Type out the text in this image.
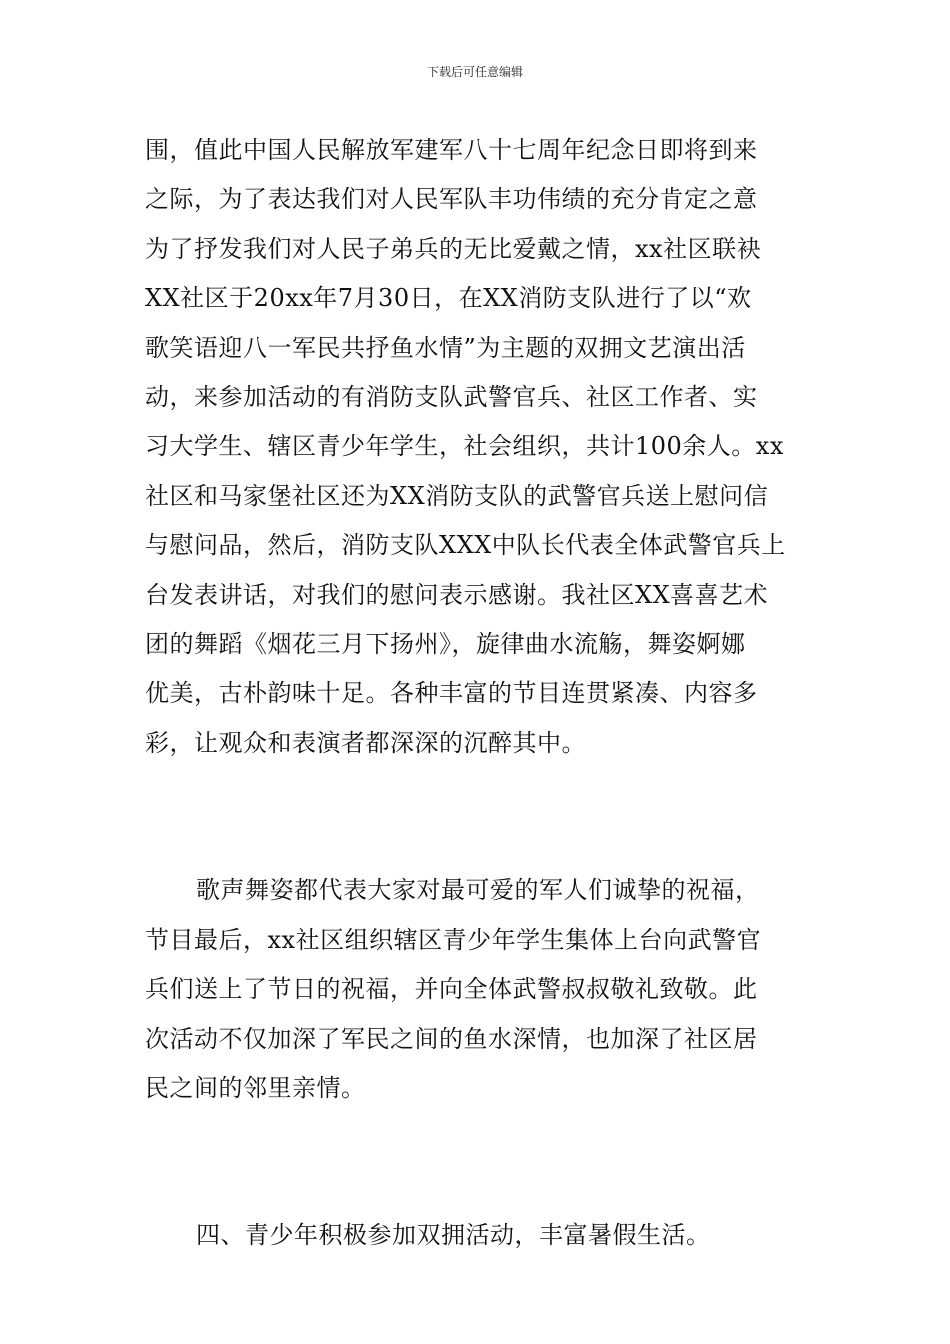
下载后可任意编辑

围，值此中国人民解放军建军八十七周年纪念日即将到来
之际，为了表达我们对人民军队丰功伟绩的充分肯定之意
为了抒发我们对人民子弟兵的无比爱戴之情，xx社区联袂
XX社区于20xx年7月30日，在XX消防支队进行了以“欢
歌笑语迎八一军民共抒鱼水情”为主题的双拥文艺演出活
动，来参加活动的有消防支队武警官兵、社区工作者、实
习大学生、辖区青少年学生，社会组织，共计100余人。xx
社区和马家堡社区还为XX消防支队的武警官兵送上慰问信
与慰问品，然后，消防支队XXX中队长代表全体武警官兵上
台发表讲话，对我们的慰问表示感谢。我社区XX喜喜艺术
团的舞蹈《烟花三月下扬州》，旋律曲水流觞，舞姿婀娜
优美，古朴韵味十足。各种丰富的节目连贯紧凑、内容多
彩，让观众和表演者都深深的沉醉其中。

歌声舞姿都代表大家对最可爱的军人们诚挚的祝福，
节目最后，xx社区组织辖区青少年学生集体上台向武警官
兵们送上了节日的祝福，并向全体武警叔叔敬礼致敬。此
次活动不仅加深了军民之间的鱼水深情，也加深了社区居
民之间的邻里亲情。

四、青少年积极参加双拥活动，丰富暑假生活。
